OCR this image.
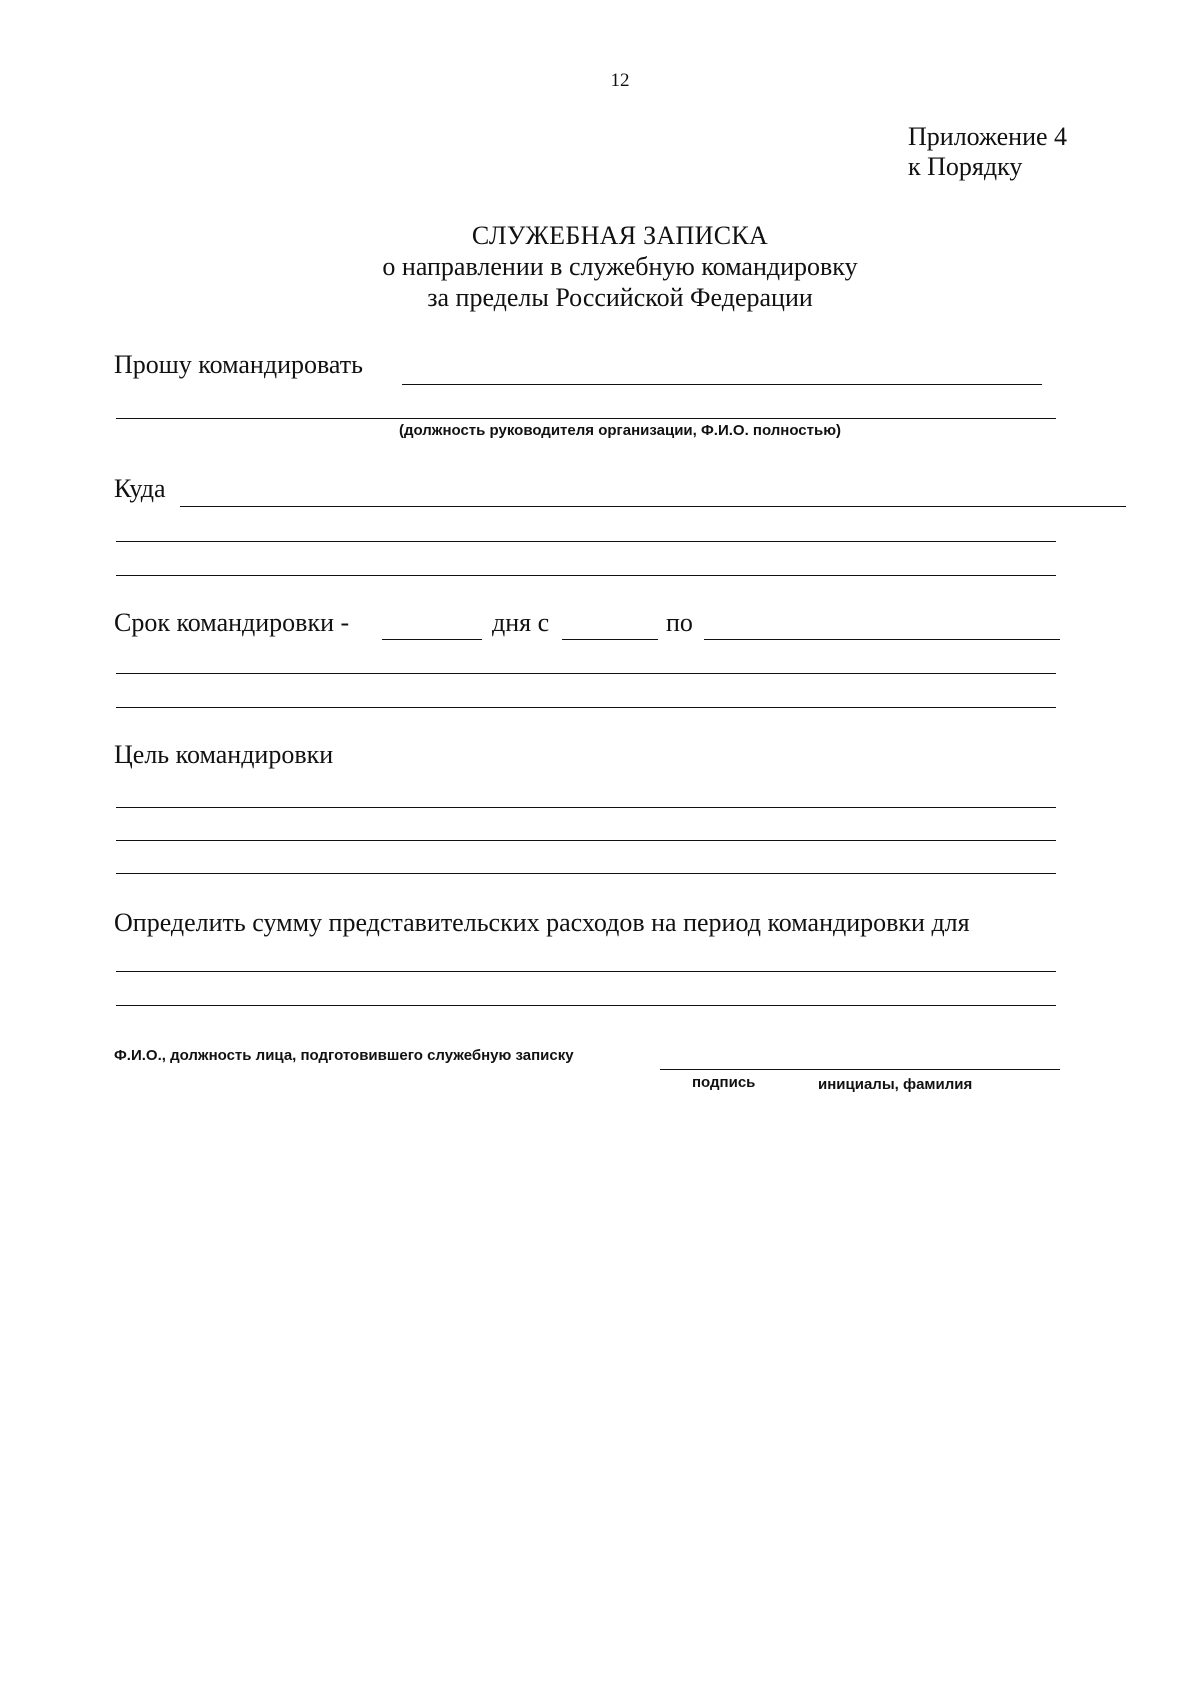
12
Приложение 4
к Порядку
СЛУЖЕБНАЯ ЗАПИСКА
о направлении в служебную командировку
за пределы Российской Федерации
Прошу командировать
(должность руководителя организации, Ф.И.О. полностью)
Куда
Срок командировки -	дня с	по
Цель командировки
Определить сумму представительских расходов на период командировки для
Ф.И.О., должность лица, подготовившего служебную записку
подпись	инициалы, фамилия
